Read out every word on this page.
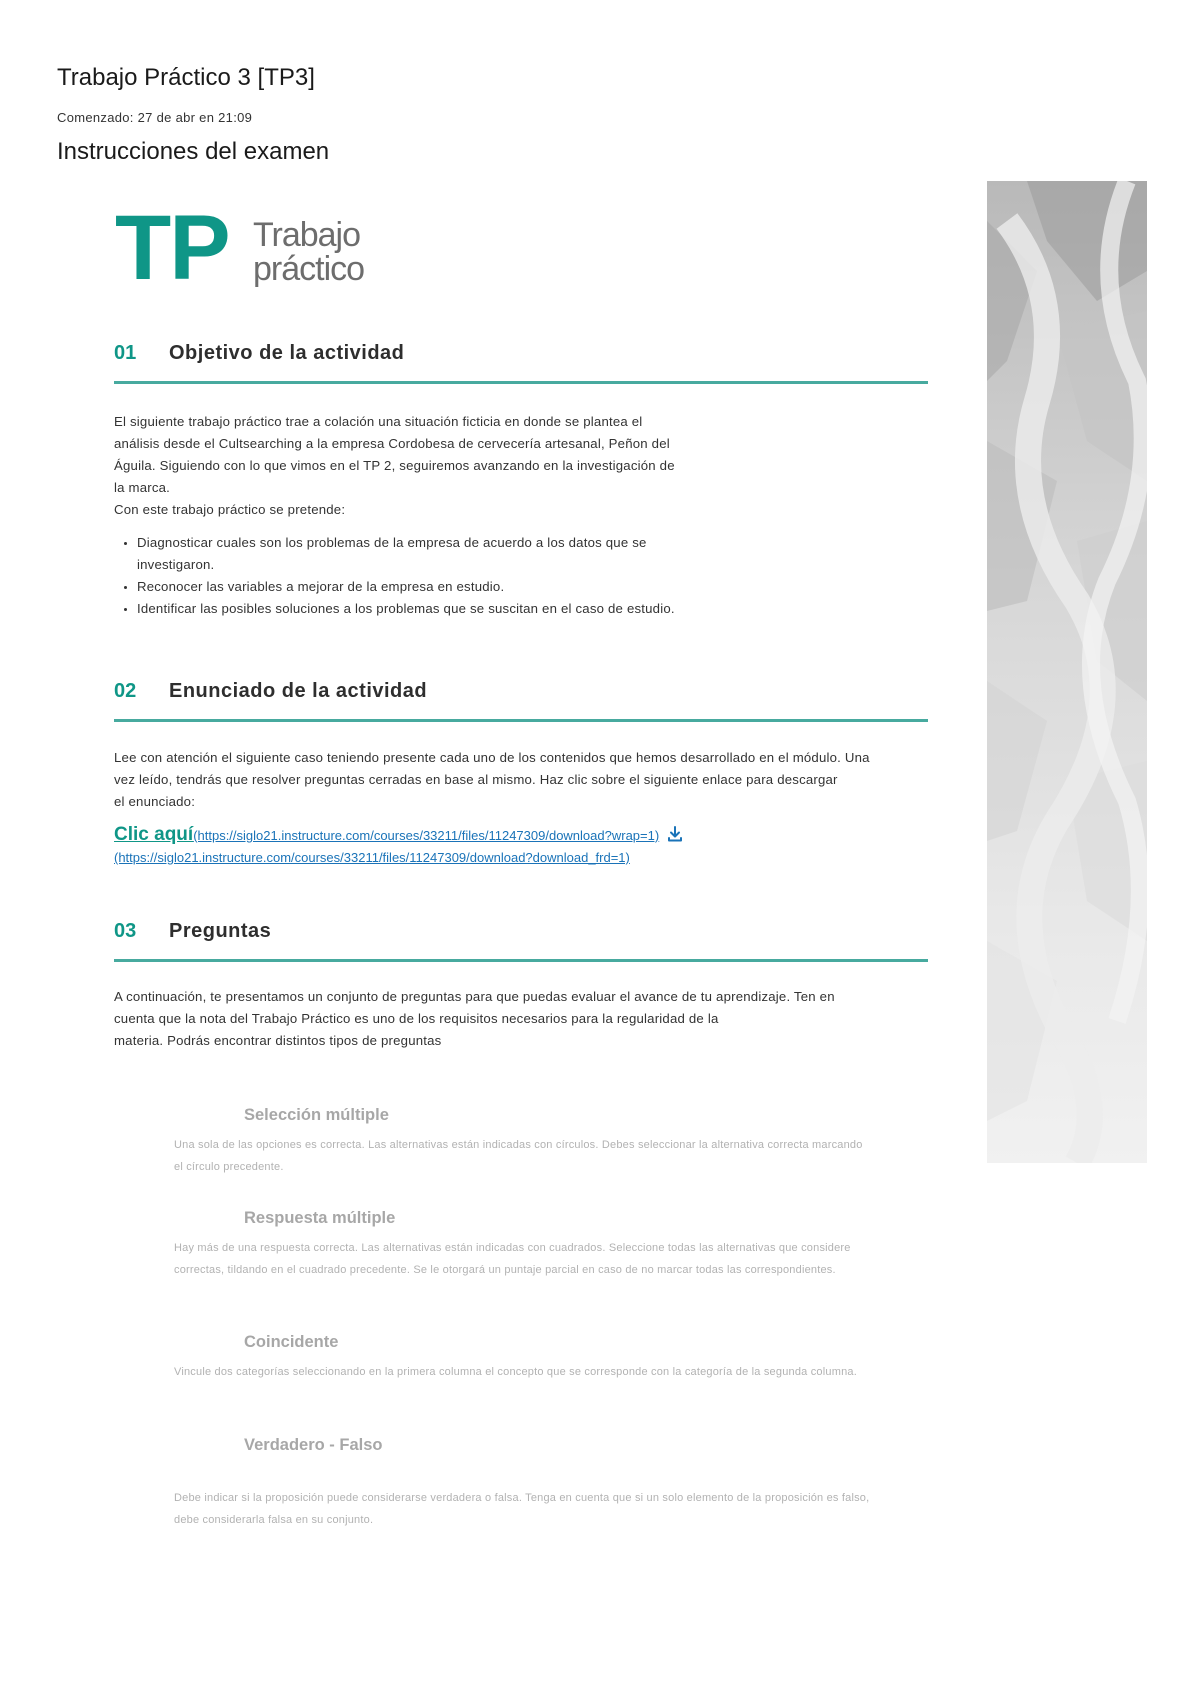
Trabajo Práctico 3 [TP3]
Comenzado: 27 de abr en 21:09
Instrucciones del examen
TP Trabajo
práctico
01 Objetivo de la actividad

El siguiente trabajo práctico trae a colación una situación ficticia en donde se plantea el

análisis desde el Cultsearching a la empresa Cordobesa de cervecería artesanal, Peñon del

Águila. Siguiendo con lo que vimos en el TP 2, seguiremos avanzando en la investigación de

la marca.

Con este trabajo práctico se pretende:

• Diagnosticar cuales son los problemas de la empresa de acuerdo a los datos que se investigaron.
• Reconocer las variables a mejorar de la empresa en estudio.
• Identificar las posibles soluciones a los problemas que se suscitan en el caso de estudio.
02 Enunciado de la actividad

Lee con atención el siguiente caso teniendo presente cada uno de los contenidos que hemos desarrollado en el módulo. Una

vez leído, tendrás que resolver preguntas cerradas en base al mismo. Haz clic sobre el siguiente enlace para descargar

el enunciado:

Clic aquí(https://siglo21.instructure.com/courses/33211/files/11247309/download?wrap=1)
(https://siglo21.instructure.com/courses/33211/files/11247309/download?download_frd=1)
03 Preguntas

A continuación, te presentamos un conjunto de preguntas para que puedas evaluar el avance de tu aprendizaje. Ten en

cuenta que la nota del Trabajo Práctico es uno de los requisitos necesarios para la regularidad de la

materia. Podrás encontrar distintos tipos de preguntas

Selección múltiple

Una sola de las opciones es correcta. Las alternativas están indicadas con círculos. Debes seleccionar la alternativa correcta marcando el círculo precedente.

Respuesta múltiple

Hay más de una respuesta correcta. Las alternativas están indicadas con cuadrados. Seleccione todas las alternativas que considere correctas, tildando en el cuadrado precedente. Se le otorgará un puntaje parcial en caso de no marcar todas las correspondientes.

Coincidente

Vincule dos categorías seleccionando en la primera columna el concepto que se corresponde con la categoría de la segunda columna.

Verdadero - Falso

Debe indicar si la proposición puede considerarse verdadera o falsa. Tenga en cuenta que si un solo elemento de la proposición es falso, debe considerarla falsa en su conjunto.
